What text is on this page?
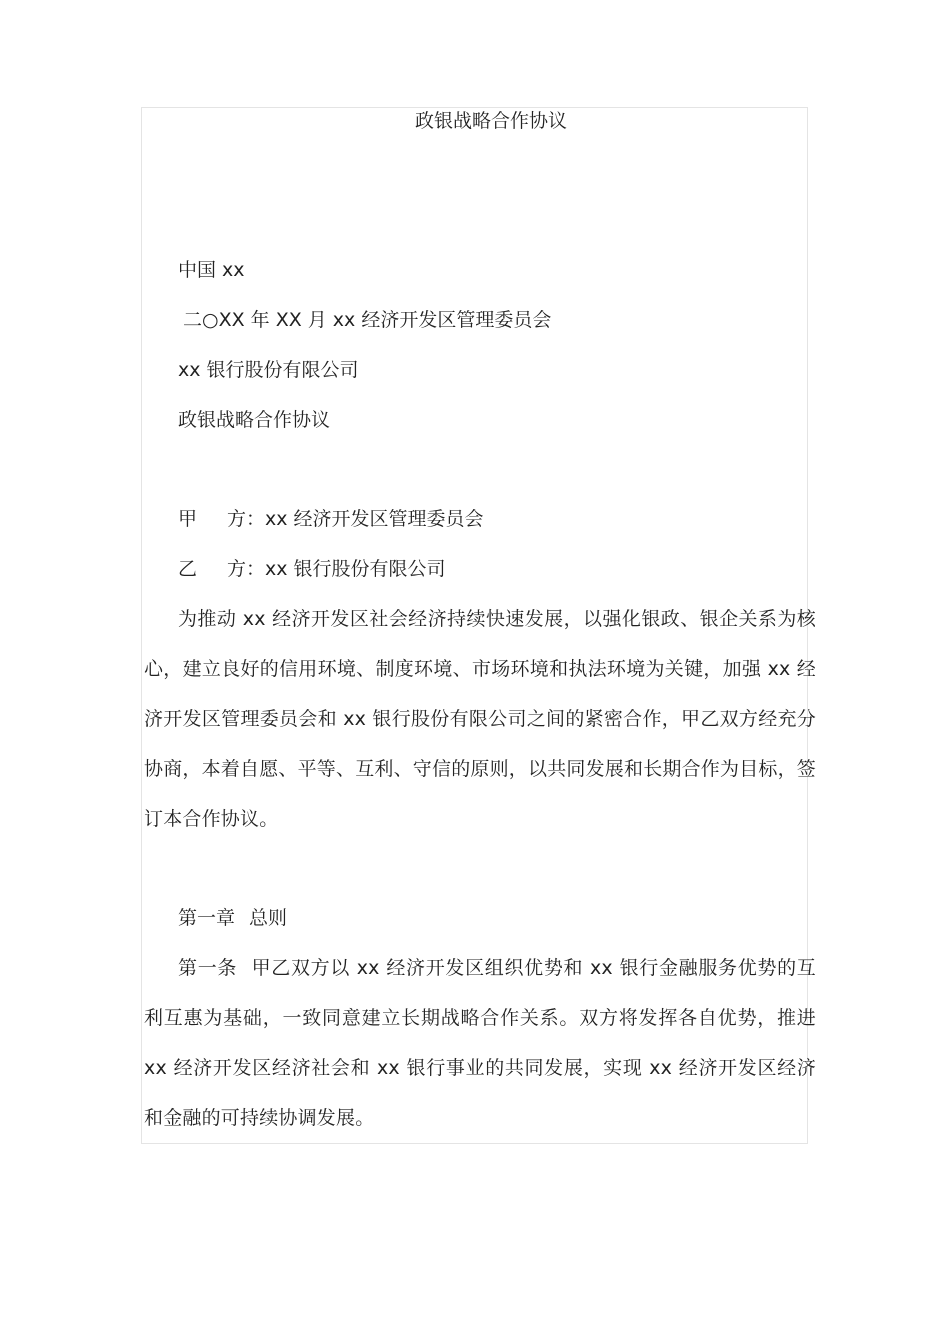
政银战略合作协议

中国 xx

二○XX 年 XX 月 xx 经济开发区管理委员会

xx 银行股份有限公司

政银战略合作协议

甲 方：xx 经济开发区管理委员会

乙 方：xx 银行股份有限公司

为推动 xx 经济开发区社会经济持续快速发展，以强化银政、银企关系为核心，建立良好的信用环境、制度环境、市场环境和执法环境为关键，加强 xx 经济开发区管理委员会和 xx 银行股份有限公司之间的紧密合作，甲乙双方经充分协商，本着自愿、平等、互利、守信的原则，以共同发展和长期合作为目标，签订本合作协议。

第一章 总则

第一条 甲乙双方以 xx 经济开发区组织优势和 xx 银行金融服务优势的互利互惠为基础，一致同意建立长期战略合作关系。双方将发挥各自优势，推进 xx 经济开发区经济社会和 xx 银行事业的共同发展，实现 xx 经济开发区经济和金融的可持续协调发展。
